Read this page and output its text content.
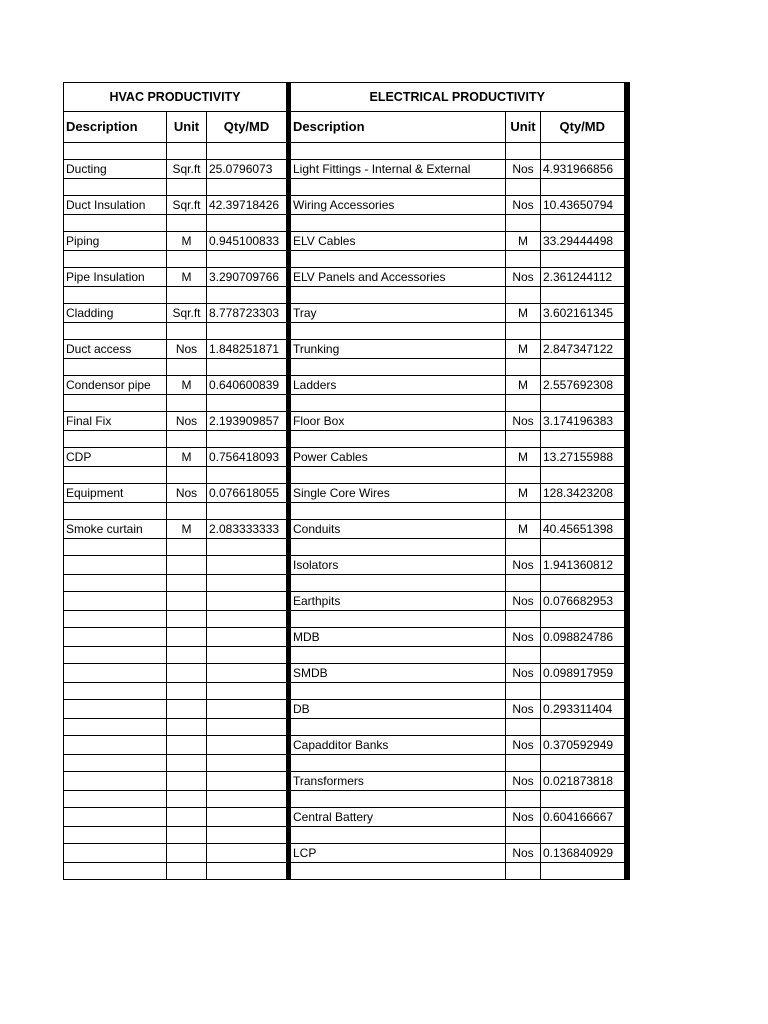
HVAC PRODUCTIVITY			ELECTRICAL PRODUCTIVITY		
Description	Unit	Qty/MD	Description	Unit	Qty/MD

Ducting	Sqr.ft	25.0796073	Light Fittings - Internal & External	Nos	4.931966856

Duct Insulation	Sqr.ft	42.39718426	Wiring Accessories	Nos	10.43650794

Piping	M	0.945100833	ELV Cables	M	33.29444498

Pipe Insulation	M	3.290709766	ELV Panels and Accessories	Nos	2.361244112

Cladding	Sqr.ft	8.778723303	Tray	M	3.602161345

Duct access	Nos	1.848251871	Trunking	M	2.847347122

Condensor pipe	M	0.640600839	Ladders	M	2.557692308

Final Fix	Nos	2.193909857	Floor Box	Nos	3.174196383

CDP	M	0.756418093	Power Cables	M	13.27155988

Equipment	Nos	0.076618055	Single Core Wires	M	128.3423208

Smoke curtain	M	2.083333333	Conduits	M	40.45651398

			Isolators	Nos	1.941360812

			Earthpits	Nos	0.076682953

			MDB	Nos	0.098824786

			SMDB	Nos	0.098917959

			DB	Nos	0.293311404

			Capadditor Banks	Nos	0.370592949

			Transformers	Nos	0.021873818

			Central Battery	Nos	0.604166667

			LCP	Nos	0.136840929
